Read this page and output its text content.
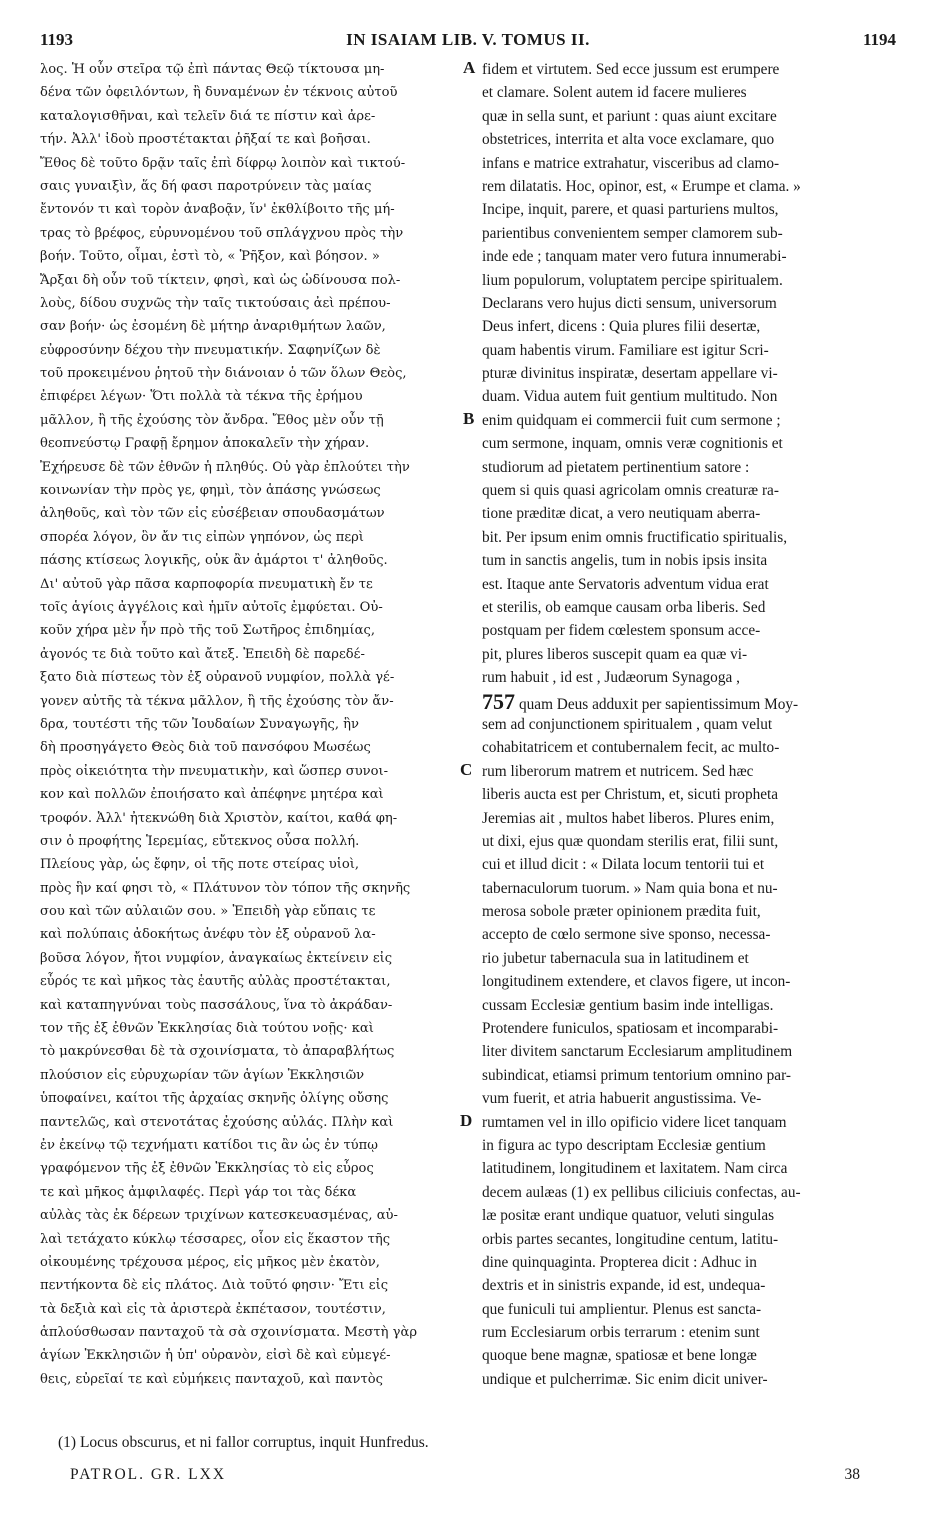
1193	IN ISAIAM LIB. V. TOMUS II.	1194
λος. Ἡ οὖν στεῖρα τῷ ἐπὶ πάντας Θεῷ τίκτουσα μη-
δένα τῶν ὀφειλόντων, ἢ δυναμένων ἐν τέκνοις αὐτοῦ
καταλογισθῆναι, καὶ τελεῖν διά τε πίστιν καὶ ἀρε-
τήν. Ἀλλ' ἰδοὺ προστέτακται ῥῆξαί τε καὶ βοῆσαι.
Ἔθος δὲ τοῦτο δρᾷν ταῖς ἐπὶ δίφρῳ λοιπὸν καὶ τικτού-
σαις γυναιξὶν, ἅς δή φασι παροτρύνειν τὰς μαίας
ἔντονόν τι καὶ τορὸν ἀναβοᾷν, ἵν' ἐκθλίβοιτο τῆς μή-
τρας τὸ βρέφος, εὐρυνομένου τοῦ σπλάγχνου πρὸς τὴν
βοήν. Τοῦτο, οἶμαι, ἐστὶ τὸ, « Ῥῆξον, καὶ βόησον. »
Ἄρξαι δὴ οὖν τοῦ τίκτειν, φησὶ, καὶ ὡς ὠδίνουσα πολ-
λοὺς, δίδου συχνῶς τὴν ταῖς τικτούσαις ἀεὶ πρέπου-
σαν βοήν· ὡς ἐσομένη δὲ μήτηρ ἀναριθμήτων λαῶν,
εὐφροσύνην δέχου τὴν πνευματικήν. Σαφηνίζων δὲ
τοῦ προκειμένου ῥητοῦ τὴν διάνοιαν ὁ τῶν ὅλων Θεὸς,
ἐπιφέρει λέγων· Ὅτι πολλὰ τὰ τέκνα τῆς ἐρήμου
μᾶλλον, ἢ τῆς ἐχούσης τὸν ἄνδρα. Ἔθος μὲν οὖν τῇ
θεοπνεύστῳ Γραφῇ ἔρημον ἀποκαλεῖν τὴν χήραν.
Ἐχήρευσε δὲ τῶν ἐθνῶν ἡ πληθύς. Οὐ γὰρ ἐπλούτει τὴν
κοινωνίαν τὴν πρὸς γε, φημὶ, τὸν ἁπάσης γνώσεως
ἀληθοῦς, καὶ τὸν τῶν εἰς εὐσέβειαν σπουδασμάτων
σπορέα λόγον, ὃν ἄν τις εἰπὼν γηπόνον, ὡς περὶ
πάσης κτίσεως λογικῆς, οὐκ ἂν ἁμάρτοι τ' ἀληθοῦς.
Δι' αὐτοῦ γὰρ πᾶσα καρποφορία πνευματικὴ ἔν τε
τοῖς ἁγίοις ἀγγέλοις καὶ ἡμῖν αὐτοῖς ἐμφύεται. Οὐ-
κοῦν χήρα μὲν ἦν πρὸ τῆς τοῦ Σωτῆρος ἐπιδημίας,
ἀγονός τε διὰ τοῦτο καὶ ἄτεξ. Ἐπειδὴ δὲ παρεδέ-
ξατο διὰ πίστεως τὸν ἐξ οὐρανοῦ νυμφίον, πολλὰ γέ-
γονεν αὐτῆς τὰ τέκνα μᾶλλον, ἢ τῆς ἐχούσης τὸν ἄν-
δρα, τουτέστι τῆς τῶν Ἰουδαίων Συναγωγῆς, ἣν
δὴ προσηγάγετο Θεὸς διὰ τοῦ πανσόφου Μωσέως
πρὸς οἰκειότητα τὴν πνευματικὴν, καὶ ὥσπερ συνοι-
κον καὶ πολλῶν ἐποιήσατο καὶ ἀπέφηνε μητέρα καὶ
τροφόν. Ἀλλ' ἠτεκνώθη διὰ Χριστὸν, καίτοι, καθά φη-
σιν ὁ προφήτης Ἱερεμίας, εὔτεκνος οὖσα πολλή.
Πλείους γὰρ, ὡς ἔφην, οἱ τῆς ποτε στείρας υἱοὶ,
πρὸς ἣν καί φησι τὸ, « Πλάτυνον τὸν τόπον τῆς σκηνῆς
σου καὶ τῶν αὐλαιῶν σου. » Ἐπειδὴ γὰρ εὔπαις τε
καὶ πολύπαις ἀδοκήτως ἀνέφυ τὸν ἐξ οὐρανοῦ λα-
βοῦσα λόγον, ἤτοι νυμφίον, ἀναγκαίως ἐκτείνειν εἰς
εὖρός τε καὶ μῆκος τὰς ἑαυτῆς αὐλὰς προστέτακται,
καὶ καταπηγνύναι τοὺς πασσάλους, ἵνα τὸ ἀκράδαν-
τον τῆς ἐξ ἐθνῶν Ἐκκλησίας διὰ τούτου νοῇς· καὶ
τὸ μακρύνεσθαι δὲ τὰ σχοινίσματα, τὸ ἀπαραβλήτως
πλούσιον εἰς εὐρυχωρίαν τῶν ἁγίων Ἐκκλησιῶν
ὑποφαίνει, καίτοι τῆς ἀρχαίας σκηνῆς ὀλίγης οὔσης
παντελῶς, καὶ στενοτάτας ἐχούσης αὐλάς. Πλὴν καὶ
ἐν ἐκείνῳ τῷ τεχνήματι κατίδοι τις ἂν ὡς ἐν τύπῳ
γραφόμενον τῆς ἐξ ἐθνῶν Ἐκκλησίας τὸ εἰς εὖρος
τε καὶ μῆκος ἀμφιλαφές. Περὶ γάρ τοι τὰς δέκα
αὐλὰς τὰς ἐκ δέρεων τριχίνων κατεσκευασμένας, αὐ-
λαὶ τετάχατο κύκλῳ τέσσαρες, οἷον εἰς ἕκαστον τῆς
οἰκουμένης τρέχουσα μέρος, εἰς μῆκος μὲν ἑκατὸν,
πεντήκοντα δὲ εἰς πλάτος. Διὰ τοῦτό φησιν· Ἔτι εἰς
τὰ δεξιὰ καὶ εἰς τὰ ἀριστερὰ ἐκπέτασον, τουτέστιν,
ἁπλούσθωσαν πανταχοῦ τὰ σὰ σχοινίσματα. Μεστὴ γὰρ
ἁγίων Ἐκκλησιῶν ἡ ὑπ' οὐρανὸν, εἰσὶ δὲ καὶ εὐμεγέ-
θεις, εὐρεῖαί τε καὶ εὐμήκεις πανταχοῦ, καὶ παντὸς
fidem et virtutem. Sed ecce jussum est erumpere
et clamare. Solent autem id facere mulieres
quæ in sella sunt, et pariunt : quas aiunt excitare
obstetrices, interrita et alta voce exclamare, quo
infans e matrice extrahatur, visceribus ad clamo-
rem dilatatis. Hoc, opinor, est, « Erumpe et clama. »
Incipe, inquit, parere, et quasi parturiens multos,
parientibus convenientem semper clamorem sub-
inde ede ; tanquam mater vero futura innumerabi-
lium populorum, voluptatem percipe spiritualem.
Declarans vero hujus dicti sensum, universorum
Deus infert, dicens : Quia plures filii desertæ,
quam habentis virum. Familiare est igitur Scri-
pturæ divinitus inspiratæ, desertam appellare vi-
duam. Vidua autem fuit gentium multitudo. Non
enim quidquam ei commercii fuit cum sermone ;
cum sermone, inquam, omnis veræ cognitionis et
studiorum ad pietatem pertinentium satore :
quem si quis quasi agricolam omnis creaturæ ra-
tione præditæ dicat, a vero neutiquam aberra-
bit. Per ipsum enim omnis fructificatio spiritualis,
tum in sanctis angelis, tum in nobis ipsis insita
est. Itaque ante Servatoris adventum vidua erat
et sterilis, ob eamque causam orba liberis. Sed
postquam per fidem cœlestem sponsum acce-
pit, plures liberos suscepit quam ea quæ vi-
rum habuit , id est , Judæorum Synagoga ,
757 quam Deus adduxit per sapientissimum Moy-
sem ad conjunctionem spiritualem , quam velut
cohabitatricem et contubernalem fecit, ac multo-
rum liberorum matrem et nutricem. Sed hæc
liberis aucta est per Christum, et, sicuti propheta
Jeremias ait , multos habet liberos. Plures enim,
ut dixi, ejus quæ quondam sterilis erat, filii sunt,
cui et illud dicit : « Dilata locum tentorii tui et
tabernaculorum tuorum. » Nam quia bona et nu-
merosa sobole præter opinionem prædita fuit,
accepto de cœlo sermone sive sponso, necessa-
rio jubetur tabernacula sua in latitudinem et
longitudinem extendere, et clavos figere, ut incon-
cussam Ecclesiæ gentium basim inde intelligas.
Protendere funiculos, spatiosam et incomparabi-
liter divitem sanctarum Ecclesiarum amplitudinem
subindicat, etiamsi primum tentorium omnino par-
vum fuerit, et atria habuerit angustissima. Ve-
rumtamen vel in illo opificio videre licet tanquam
in figura ac typo descriptam Ecclesiæ gentium
latitudinem, longitudinem et laxitatem. Nam circa
decem aulæas (1) ex pellibus ciliciuis confectas, au-
læ positæ erant undique quatuor, veluti singulas
orbis partes secantes, longitudine centum, latitu-
dine quinquaginta. Propterea dicit : Adhuc in
dextris et in sinistris expande, id est, undequa-
que funiculi tui amplientur. Plenus est sancta-
rum Ecclesiarum orbis terrarum : etenim sunt
quoque bene magnæ, spatiosæ et bene longæ
undique et pulcherrimæ. Sic enim dicit univer-
A
B
C
D
(1) Locus obscurus, et ni fallor corruptus, inquit Hunfredus.
PATROL. GR. LXX	38
